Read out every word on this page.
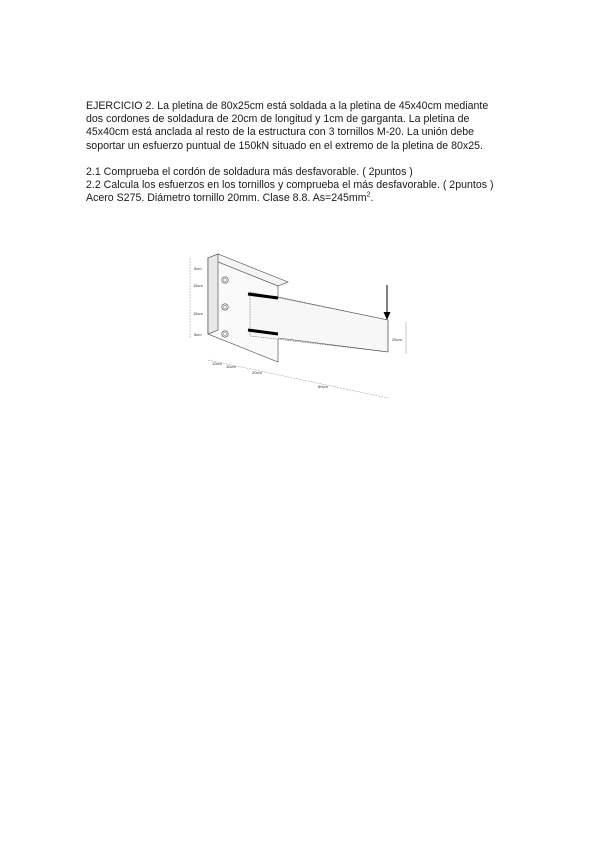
EJERCICIO 2. La pletina de 80x25cm está soldada a la pletina de 45x40cm mediante

dos cordones de soldadura de 20cm de longitud y 1cm de garganta. La pletina de

45x40cm está anclada al resto de la estructura con 3 tornillos M-20. La unión debe

soportar un esfuerzo puntual de 150kN situado en el extremo de la pletina de 80x25.

2.1 Comprueba el cordón de soldadura más desfavorable. ( 2puntos )

2.2 Calcula los esfuerzos en los tornillos y comprueba el más desfavorable. ( 2puntos )

Acero S275. Diámetro tornillo 20mm. Clase 8.8. $As=245mm^2$.

5cm
15cm
15cm
5cm
10cm
10cm
20cm
80cm
25cm
